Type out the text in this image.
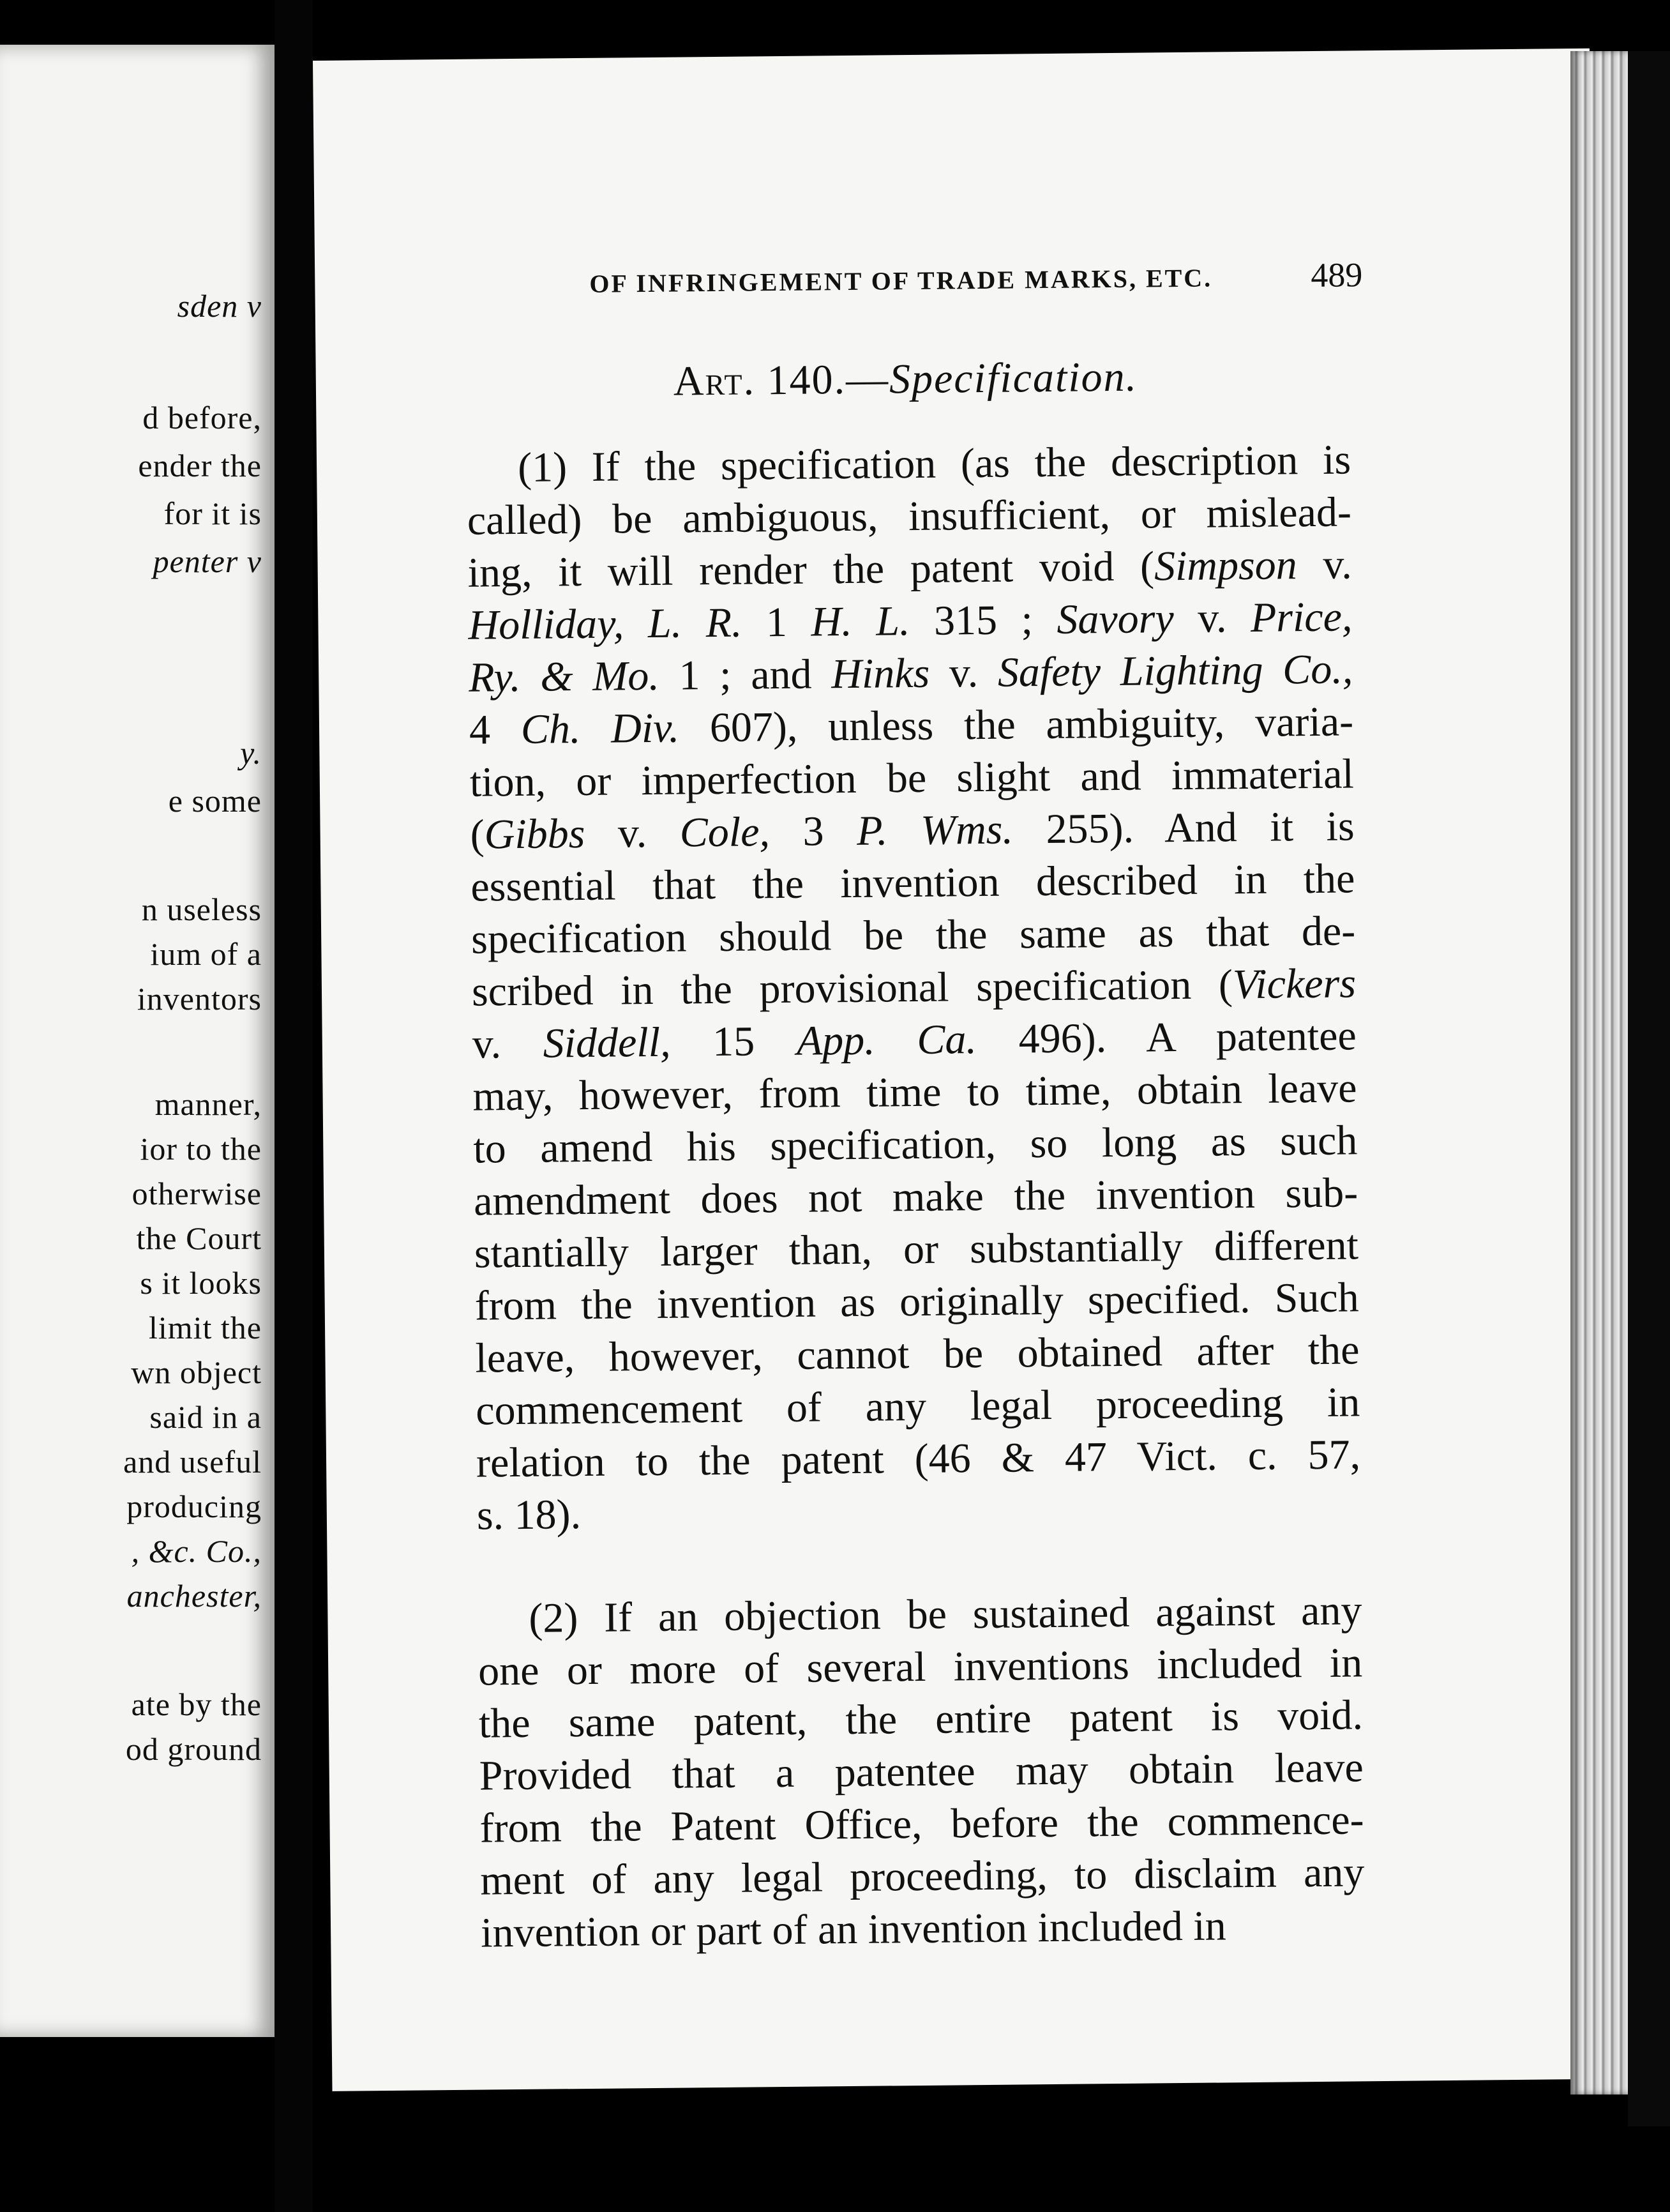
sden v
d before,
ender the
for it is
penter v
y.
e some
n useless
ium of a
inventors
manner,
ior to the
otherwise
the Court
s it looks
limit the
wn object
said in a
and useful
producing
, &c. Co.,
anchester,
ate by the
od ground
OF INFRINGEMENT OF TRADE MARKS, ETC.	489
Art. 140.—Specification.
(1) If the specification (as the description is
called) be ambiguous, insufficient, or mislead-
ing, it will render the patent void (Simpson v.
Holliday, L. R. 1 H. L. 315 ; Savory v. Price,
Ry. & Mo. 1 ; and Hinks v. Safety Lighting Co.,
4 Ch. Div. 607), unless the ambiguity, varia-
tion, or imperfection be slight and immaterial
(Gibbs v. Cole, 3 P. Wms. 255). And it is
essential that the invention described in the
specification should be the same as that de-
scribed in the provisional specification (Vickers
v. Siddell, 15 App. Ca. 496). A patentee
may, however, from time to time, obtain leave
to amend his specification, so long as such
amendment does not make the invention sub-
stantially larger than, or substantially different
from the invention as originally specified. Such
leave, however, cannot be obtained after the
commencement of any legal proceeding in
relation to the patent (46 & 47 Vict. c. 57,
s. 18).
(2) If an objection be sustained against any
one or more of several inventions included in
the same patent, the entire patent is void.
Provided that a patentee may obtain leave
from the Patent Office, before the commence-
ment of any legal proceeding, to disclaim any
invention or part of an invention included in
